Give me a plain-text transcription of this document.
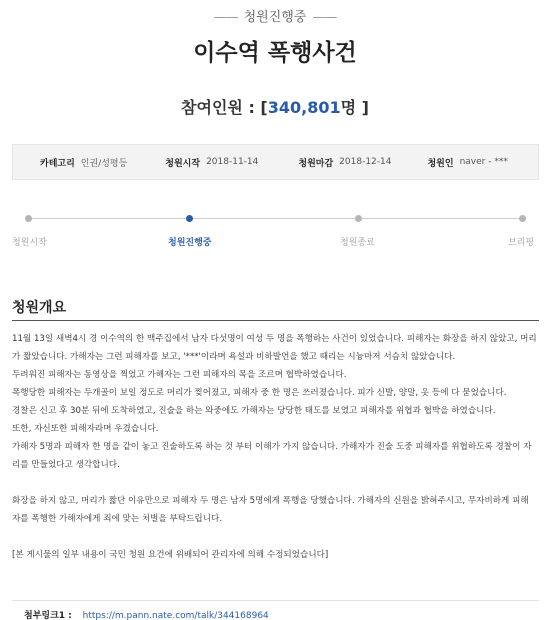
—— 청원진행중 ——
이수역 폭행사건
참여인원 : [340,801명 ]
카테고리 인권/성평등	청원시작 2018-11-14	청원마감 2018-12-14	청원인 naver - ***
청원시작	청원진행중	청원종료	브리핑
청원개요

11월 13일 새벽4시 경 이수역의 한 맥주집에서 남자 다섯명이 여성 두 명을 폭행하는 사건이 있었습니다. 피해자는 화장을 하지 않았고, 머리

가 짧았습니다. 가해자는 그런 피해자를 보고, '***'이라며 욕설과 비하발언을 했고 때리는 시늉마저 서슴치 않았습니다.

두려워진 피해자는 동영상을 찍었고 가해자는 그런 피해자의 목을 조르며 협박하였습니다.

폭행당한 피해자는 두개골이 보일 정도로 머리가 찢어졌고, 피해자 중 한 명은 쓰러졌습니다. 피가 신발, 양말, 옷 등에 다 묻었습니다.

경찰은 신고 후 30분 뒤에 도착하였고, 진술을 하는 와중에도 가해자는 당당한 태도를 보였고 피해자를 위협과 협박을 하였습니다.

또한, 자신또한 피해자라며 우겼습니다.

가해자 5명과 피해자 한 명을 같이 놓고 진술하도록 하는 것 부터 이해가 가지 않습니다. 가해자가 진술 도중 피해자를 위협하도록 경찰이 자

리를 만들었다고 생각합니다.

화장을 하지 않고, 머리가 짧단 이유만으로 피해자 두 명은 남자 5명에게 폭행을 당했습니다. 가해자의 신원을 밝혀주시고, 무자비하게 피해

자를 폭행한 가해자에게 죄에 맞는 처벌을 부탁드립니다.

[본 게시물의 일부 내용이 국민 청원 요건에 위배되어 관리자에 의해 수정되었습니다]

첨부링크1 : https://m.pann.nate.com/talk/344168964
